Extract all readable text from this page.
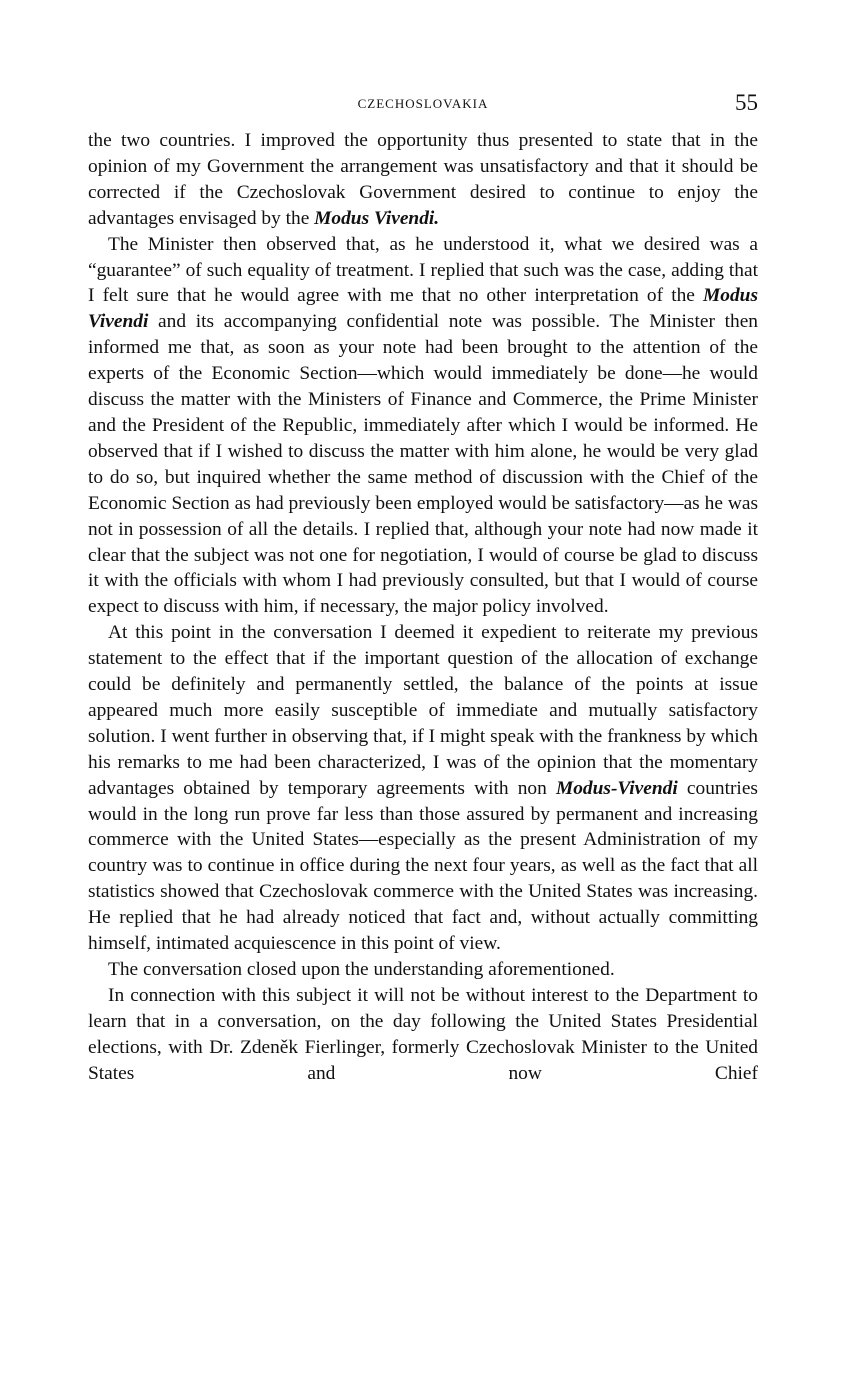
CZECHOSLOVAKIA	55

the two countries. I improved the opportunity thus presented to state that in the opinion of my Government the arrangement was unsatisfactory and that it should be corrected if the Czechoslovak Government desired to continue to enjoy the advantages envisaged by the Modus Vivendi.

The Minister then observed that, as he understood it, what we desired was a “guarantee” of such equality of treatment. I replied that such was the case, adding that I felt sure that he would agree with me that no other interpretation of the Modus Vivendi and its accompanying confidential note was possible. The Minister then informed me that, as soon as your note had been brought to the attention of the experts of the Economic Section—which would immediately be done—he would discuss the matter with the Ministers of Finance and Commerce, the Prime Minister and the President of the Republic, immediately after which I would be informed. He observed that if I wished to discuss the matter with him alone, he would be very glad to do so, but inquired whether the same method of discussion with the Chief of the Economic Section as had previously been employed would be satisfactory—as he was not in possession of all the details. I replied that, although your note had now made it clear that the subject was not one for negotiation, I would of course be glad to discuss it with the officials with whom I had previously consulted, but that I would of course expect to discuss with him, if necessary, the major policy involved.

At this point in the conversation I deemed it expedient to reiterate my previous statement to the effect that if the important question of the allocation of exchange could be definitely and permanently settled, the balance of the points at issue appeared much more easily susceptible of immediate and mutually satisfactory solution. I went further in observing that, if I might speak with the frankness by which his remarks to me had been characterized, I was of the opinion that the momentary advantages obtained by temporary agreements with non Modus-Vivendi countries would in the long run prove far less than those assured by permanent and increasing commerce with the United States—especially as the present Administration of my country was to continue in office during the next four years, as well as the fact that all statistics showed that Czechoslovak commerce with the United States was increasing. He replied that he had already noticed that fact and, without actually committing himself, intimated acquiescence in this point of view.

The conversation closed upon the understanding aforementioned.

In connection with this subject it will not be without interest to the Department to learn that in a conversation, on the day following the United States Presidential elections, with Dr. Zdeněk Fierlinger, formerly Czechoslovak Minister to the United States and now Chief
